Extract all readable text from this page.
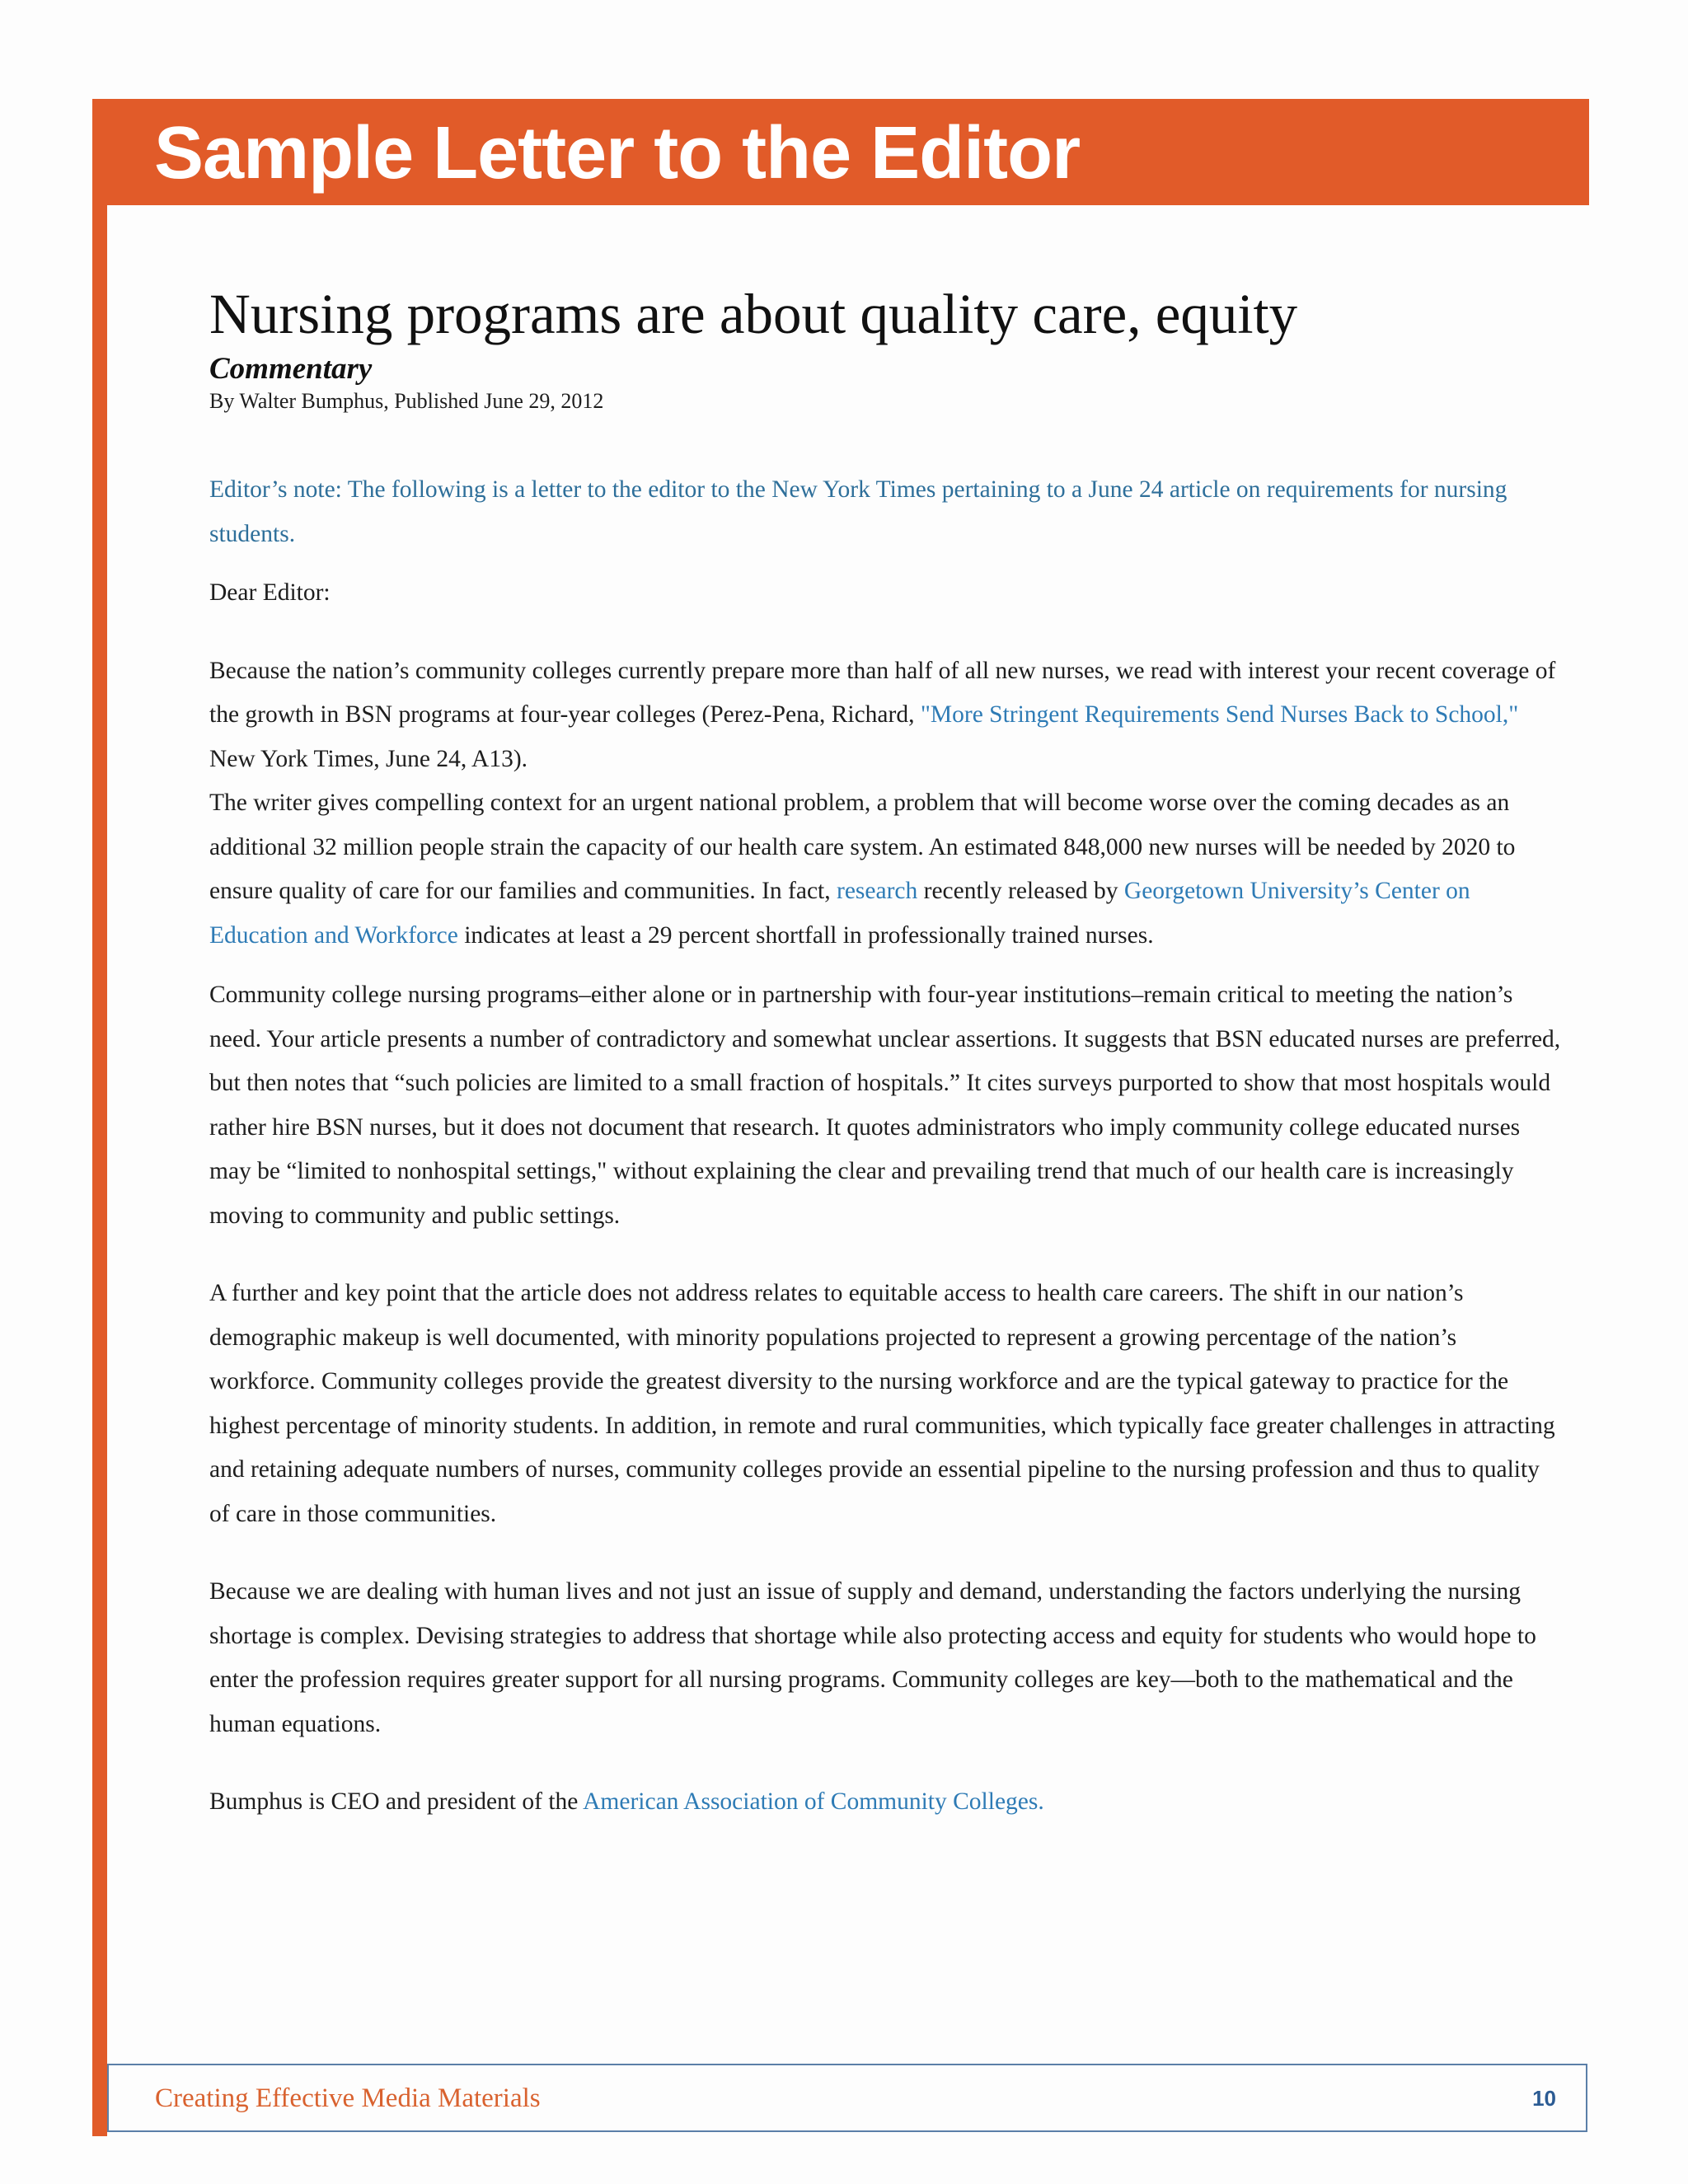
Sample Letter to the Editor
Nursing programs are about quality care, equity

Commentary

By Walter Bumphus, Published June 29, 2012

Editor’s note: The following is a letter to the editor to the New York Times pertaining to a June 24 article on requirements for nursing students.

Dear Editor:

Because the nation’s community colleges currently prepare more than half of all new nurses, we read with interest your recent coverage of the growth in BSN programs at four-year colleges (Perez-Pena, Richard, "More Stringent Requirements Send Nurses Back to School," New York Times, June 24, A13).

The writer gives compelling context for an urgent national problem, a problem that will become worse over the coming decades as an additional 32 million people strain the capacity of our health care system. An estimated 848,000 new nurses will be needed by 2020 to ensure quality of care for our families and communities. In fact, research recently released by Georgetown University’s Center on Education and Workforce indicates at least a 29 percent shortfall in professionally trained nurses.

Community college nursing programs–either alone or in partnership with four-year institutions–remain critical to meeting the nation’s need. Your article presents a number of contradictory and somewhat unclear assertions. It suggests that BSN educated nurses are preferred, but then notes that “such policies are limited to a small fraction of hospitals.” It cites surveys purported to show that most hospitals would rather hire BSN nurses, but it does not document that research. It quotes administrators who imply community college educated nurses may be “limited to nonhospital settings," without explaining the clear and prevailing trend that much of our health care is increasingly moving to community and public settings.

A further and key point that the article does not address relates to equitable access to health care careers. The shift in our nation’s demographic makeup is well documented, with minority populations projected to represent a growing percentage of the nation’s workforce. Community colleges provide the greatest diversity to the nursing workforce and are the typical gateway to practice for the highest percentage of minority students. In addition, in remote and rural communities, which typically face greater challenges in attracting and retaining adequate numbers of nurses, community colleges provide an essential pipeline to the nursing profession and thus to quality of care in those communities.

Because we are dealing with human lives and not just an issue of supply and demand, understanding the factors underlying the nursing shortage is complex. Devising strategies to address that shortage while also protecting access and equity for students who would hope to enter the profession requires greater support for all nursing programs. Community colleges are key—both to the mathematical and the human equations.

Bumphus is CEO and president of the American Association of Community Colleges.

Creating Effective Media Materials	10
